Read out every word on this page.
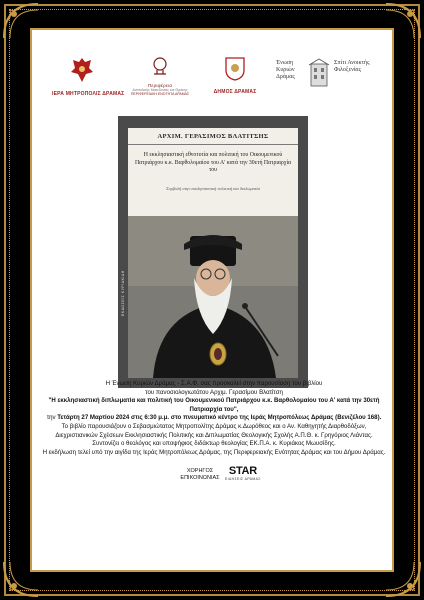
ΙΕΡΑ ΜΗΤΡΟΠΟΛΙΣ ΔΡΑΜΑΣ
Περιφέρεια
Ανατολικής Μακεδονίας και Θράκης
ΠΕΡΙΦΕΡΕΙΑΚΗ ΕΝΟΤΗΤΑ ΔΡΑΜΑΣ	ΔΗΜΟΣ ΔΡΑΜΑΣ
Ένωση Κυριών Δράμας
Σπίτι Ανοικτής Φιλοξενίας
ΑΡΧΙΜ. ΓΕΡΑΣΙΜΟΣ ΒΛΑΤΙΤΣΗΣ
Η εκκλησιαστική εθνοτυτία και πολιτική του Οικουμενικού Πατριάρχου κ.κ. Βαρθολομαίου του Α' κατά την 30ετή Πατριαρχία του
Συμβολή στην εκκλησιαστική πολιτική και διπλωματία
ΕΚΔΟΣΕΙΣ ΚΥΡΙΑΚΙΔΗ

Η Ένωση Κυριών Δράμας - Σ.Α.Φ. σας προσκαλεί στην παρουσίαση του βιβλίου

του πανοσιολογιωτάτου Αρχιμ. Γερασίμου Βλατίτση

"Η εκκλησιαστική διπλωματία και πολιτική του Οικουμενικού Πατριάρχου κ.κ. Βαρθολομαίου του Α' κατά την 30ετή Πατριαρχία του",

την Τετάρτη 27 Μαρτίου 2024 στις 6:30 μ.μ. στο πνευματικό κέντρο της Ιεράς Μητροπόλεως Δράμας (Βενιζέλου 168).

Το βιβλίο παρουσιάζουν ο Σεβασμιώτατος Μητροπολίτης Δράμας κ.Δωρόθεος και ο Αν. Καθηγητής Διαρθοδόξων, Διεχριστιανικών Σχέσεων Εκκλησιαστικής Πολιτικής και Διπλωματίας Θεολογικής Σχολής Α.Π.Θ. κ. Γρηγόριος Λιάντας.

Συντονίζει ο θεολόγος και υποψήφιος διδάκτωρ θεολογίας ΕΚ.Π.Α. κ. Κυριάκος Μωυσίδης.

Η εκδήλωση τελεί υπό την αιγίδα της Ιεράς Μητροπόλεως Δράμας, της Περιφερειακής Ενότητας Δράμας και του Δήμου Δράμας.

ΧΟΡΗΓΟΣ
ΕΠΙΚΟΙΝΩΝΙΑΣ
STAR
ΕΙΔΗΣΕΙΣ ΔΡΑΜΑΣ
